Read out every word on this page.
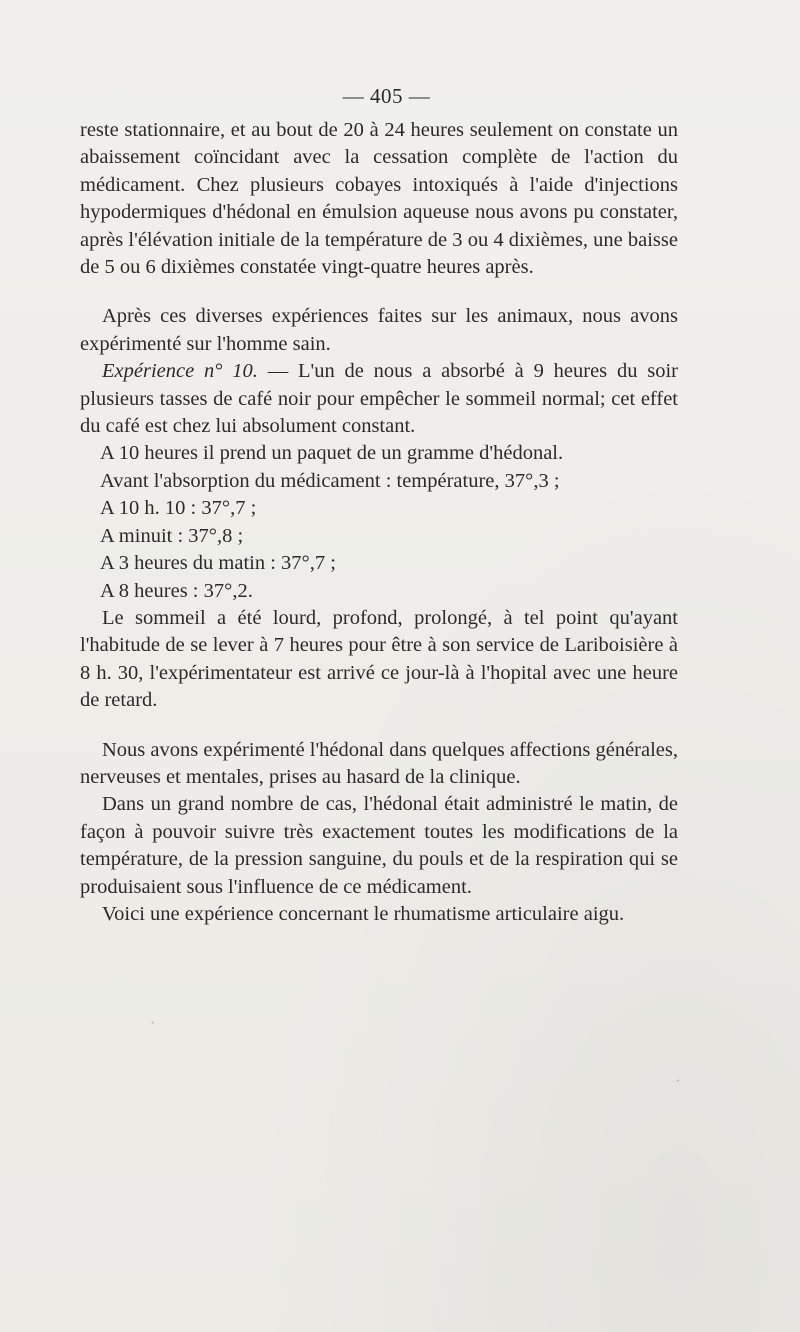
— 405 —

reste stationnaire, et au bout de 20 à 24 heures seulement on constate un abaissement coïncidant avec la cessation complète de l'action du médicament. Chez plusieurs cobayes intoxiqués à l'aide d'injections hypodermiques d'hédonal en émulsion aqueuse nous avons pu constater, après l'élévation initiale de la température de 3 ou 4 dixièmes, une baisse de 5 ou 6 dixièmes constatée vingt-quatre heures après.

Après ces diverses expériences faites sur les animaux, nous avons expérimenté sur l'homme sain.

Expérience n° 10. — L'un de nous a absorbé à 9 heures du soir plusieurs tasses de café noir pour empêcher le sommeil normal; cet effet du café est chez lui absolument constant.

A 10 heures il prend un paquet de un gramme d'hédonal.

Avant l'absorption du médicament : température, 37°,3 ;

A 10 h. 10 : 37°,7 ;

A minuit : 37°,8 ;

A 3 heures du matin : 37°,7 ;

A 8 heures : 37°,2.

Le sommeil a été lourd, profond, prolongé, à tel point qu'ayant l'habitude de se lever à 7 heures pour être à son service de Lariboisière à 8 h. 30, l'expérimentateur est arrivé ce jour-là à l'hopital avec une heure de retard.

Nous avons expérimenté l'hédonal dans quelques affections générales, nerveuses et mentales, prises au hasard de la clinique.

Dans un grand nombre de cas, l'hédonal était administré le matin, de façon à pouvoir suivre très exactement toutes les modifications de la température, de la pression sanguine, du pouls et de la respiration qui se produisaient sous l'influence de ce médicament.

Voici une expérience concernant le rhumatisme articulaire aigu.

·
·
